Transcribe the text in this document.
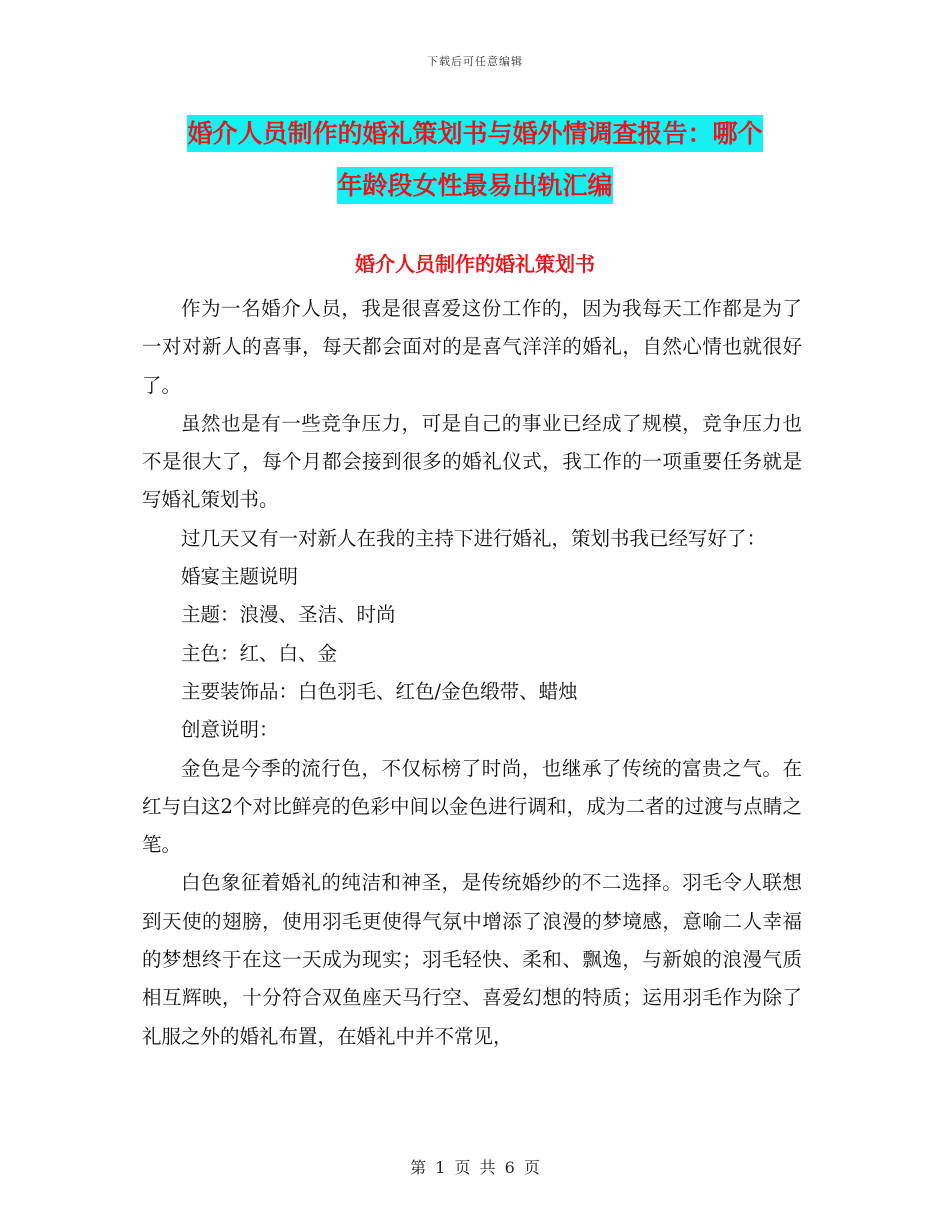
下载后可任意编辑
婚介人员制作的婚礼策划书与婚外情调查报告：哪个
年龄段女性最易出轨汇编
婚介人员制作的婚礼策划书

作为一名婚介人员，我是很喜爱这份工作的，因为我每天工作都是为了一对对新人的喜事，每天都会面对的是喜气洋洋的婚礼，自然心情也就很好了。

虽然也是有一些竞争压力，可是自己的事业已经成了规模，竞争压力也不是很大了，每个月都会接到很多的婚礼仪式，我工作的一项重要任务就是写婚礼策划书。

过几天又有一对新人在我的主持下进行婚礼，策划书我已经写好了：

婚宴主题说明

主题：浪漫、圣洁、时尚

主色：红、白、金

主要装饰品：白色羽毛、红色/金色缎带、蜡烛

创意说明：

金色是今季的流行色，不仅标榜了时尚，也继承了传统的富贵之气。在红与白这2个对比鲜亮的色彩中间以金色进行调和，成为二者的过渡与点睛之笔。

白色象征着婚礼的纯洁和神圣，是传统婚纱的不二选择。羽毛令人联想到天使的翅膀，使用羽毛更使得气氛中增添了浪漫的梦境感，意喻二人幸福的梦想终于在这一天成为现实；羽毛轻快、柔和、飘逸，与新娘的浪漫气质相互辉映，十分符合双鱼座天马行空、喜爱幻想的特质；运用羽毛作为除了礼服之外的婚礼布置，在婚礼中并不常见，

第 1 页 共 6 页
